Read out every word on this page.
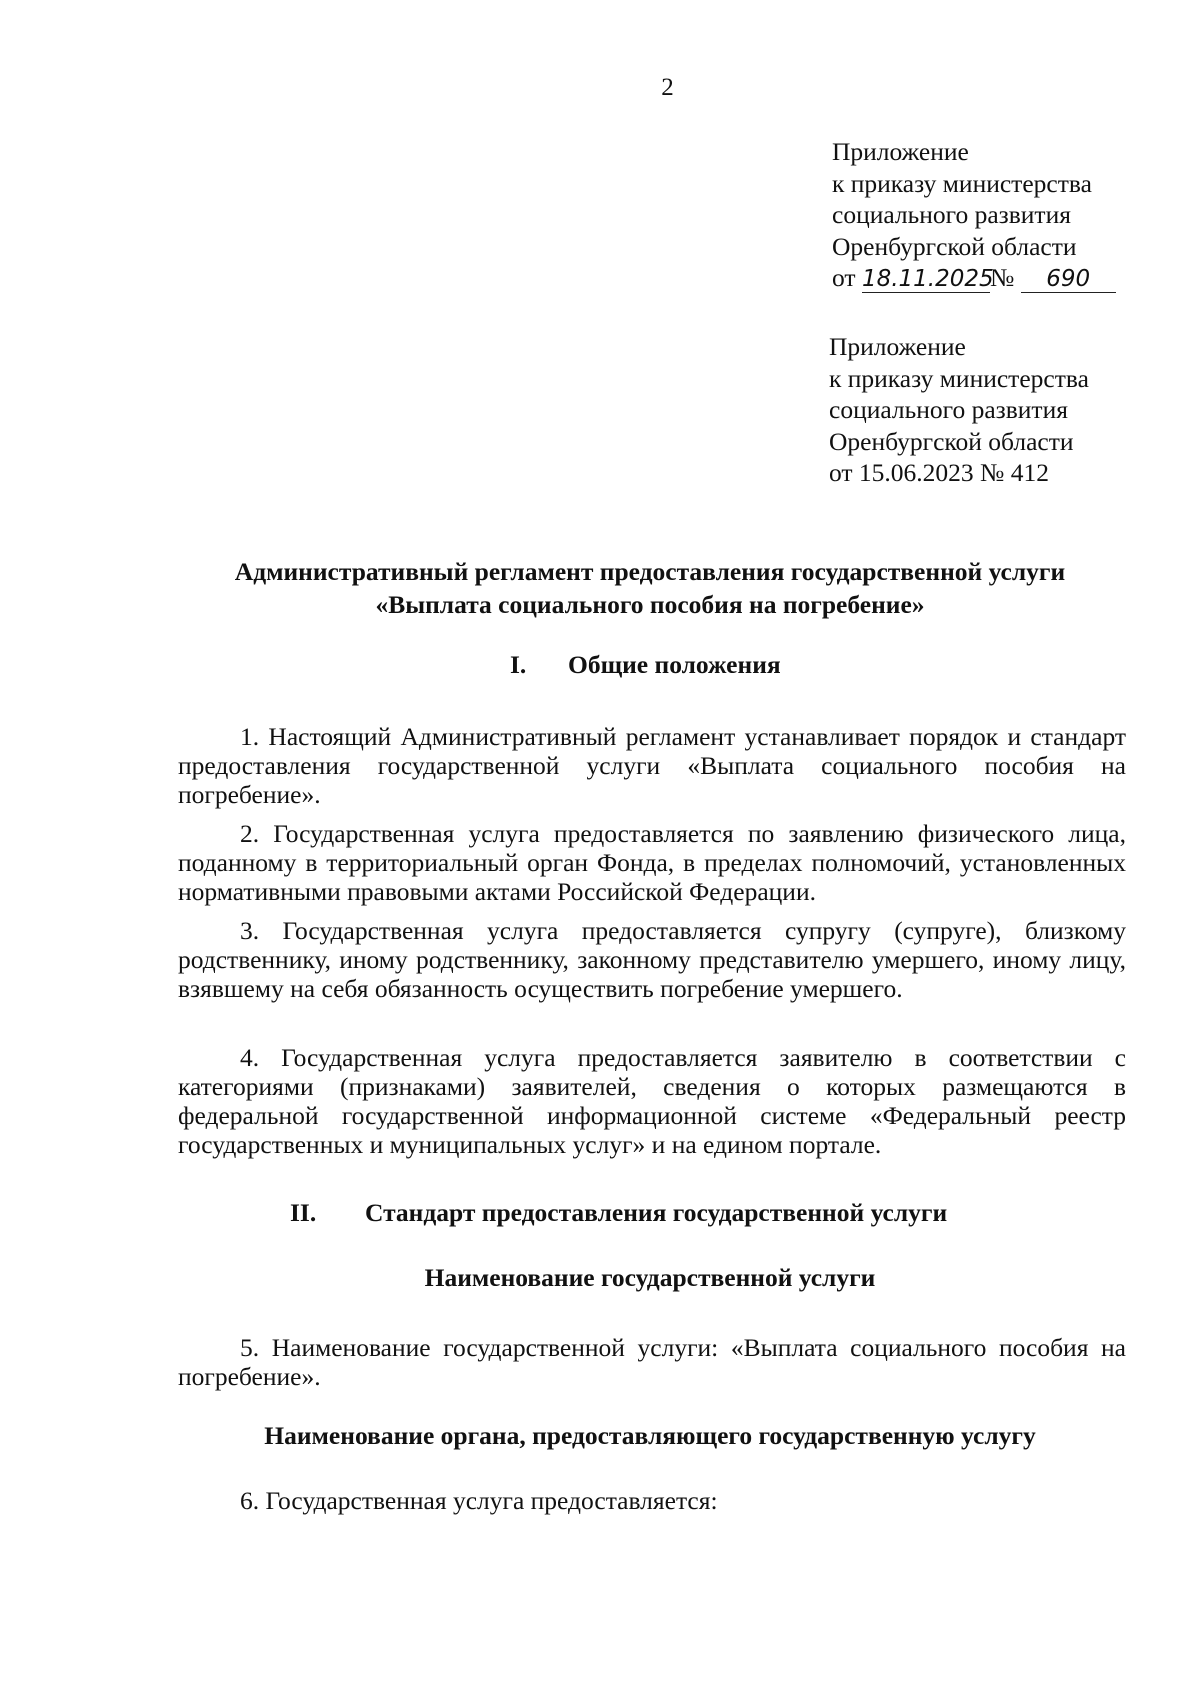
2
Приложение
к приказу министерства
социального развития
Оренбургской области
от 18.11.2025№ 690
Приложение
к приказу министерства
социального развития
Оренбургской области
от 15.06.2023 № 412
Административный регламент предоставления государственной услуги
«Выплата социального пособия на погребение»
I. Общие положения
1. Настоящий Административный регламент устанавливает порядок и стандарт предоставления государственной услуги «Выплата социального пособия на погребение».
2. Государственная услуга предоставляется по заявлению физического лица, поданному в территориальный орган Фонда, в пределах полномочий, установленных нормативными правовыми актами Российской Федерации.
3. Государственная услуга предоставляется супругу (супруге), близкому родственнику, иному родственнику, законному представителю умершего, иному лицу, взявшему на себя обязанность осуществить погребение умершего.
4. Государственная услуга предоставляется заявителю в соответствии с категориями (признаками) заявителей, сведения о которых размещаются в федеральной государственной информационной системе «Федеральный реестр государственных и муниципальных услуг» и на едином портале.
II. Стандарт предоставления государственной услуги
Наименование государственной услуги
5. Наименование государственной услуги: «Выплата социального пособия на погребение».
Наименование органа, предоставляющего государственную услугу
6. Государственная услуга предоставляется:
